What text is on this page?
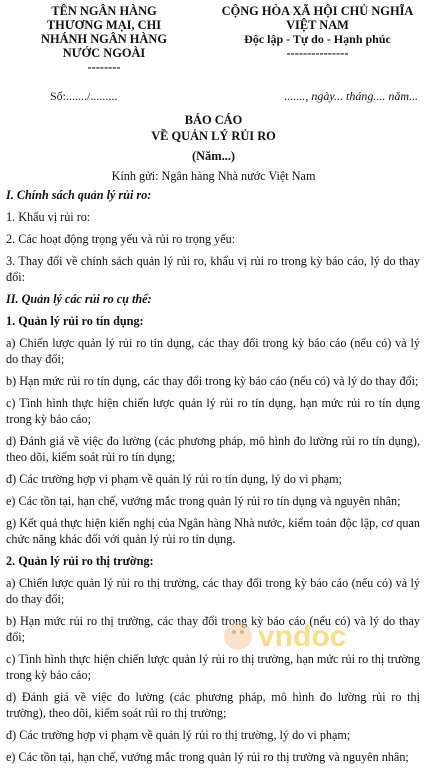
TÊN NGÂN HÀNG
THƯƠNG MẠI, CHI
NHÁNH NGÂN HÀNG
NƯỚC NGOÀI
--------
CỘNG HÒA XÃ HỘI CHỦ NGHĨA VIỆT NAM
Độc lập - Tự do - Hạnh phúc
---------------
Số:......./.........	......., ngày... tháng.... năm...
BÁO CÁO
VỀ QUẢN LÝ RỦI RO
(Năm...)
Kính gửi: Ngân hàng Nhà nước Việt Nam

I. Chính sách quản lý rủi ro:

1. Khẩu vị rủi ro:

2. Các hoạt động trọng yếu và rủi ro trọng yếu:

3. Thay đổi về chính sách quản lý rủi ro, khẩu vị rủi ro trong kỳ báo cáo, lý do thay đổi:

II. Quản lý các rủi ro cụ thể:

1. Quản lý rủi ro tín dụng:

a) Chiến lược quản lý rủi ro tín dụng, các thay đổi trong kỳ báo cáo (nếu có) và lý do thay đổi;

b) Hạn mức rủi ro tín dụng, các thay đổi trong kỳ báo cáo (nếu có) và lý do thay đổi;

c) Tình hình thực hiện chiến lược quản lý rủi ro tín dụng, hạn mức rủi ro tín dụng trong kỳ báo cáo;

d) Đánh giá về việc đo lường (các phương pháp, mô hình đo lường rủi ro tín dụng), theo dõi, kiểm soát rủi ro tín dụng;

đ) Các trường hợp vi phạm về quản lý rủi ro tín dụng, lý do vi phạm;

e) Các tồn tại, hạn chế, vướng mắc trong quản lý rủi ro tín dụng và nguyên nhân;

g) Kết quả thực hiện kiến nghị của Ngân hàng Nhà nước, kiểm toán độc lập, cơ quan chức năng khác đối với quản lý rủi ro tín dụng.

2. Quản lý rủi ro thị trường:

a) Chiến lược quản lý rủi ro thị trường, các thay đổi trong kỳ báo cáo (nếu có) và lý do thay đổi;

b) Hạn mức rủi ro thị trường, các thay đổi trong kỳ báo cáo (nếu có) và lý do thay đổi;

c) Tình hình thực hiện chiến lược quản lý rủi ro thị trường, hạn mức rủi ro thị trường trong kỳ báo cáo;

d) Đánh giá về việc đo lường (các phương pháp, mô hình đo lường rủi ro thị trường), theo dõi, kiểm soát rủi ro thị trường;

đ) Các trường hợp vi phạm về quản lý rủi ro thị trường, lý do vi phạm;

e) Các tồn tại, hạn chế, vướng mắc trong quản lý rủi ro thị trường và nguyên nhân;

vndoc
